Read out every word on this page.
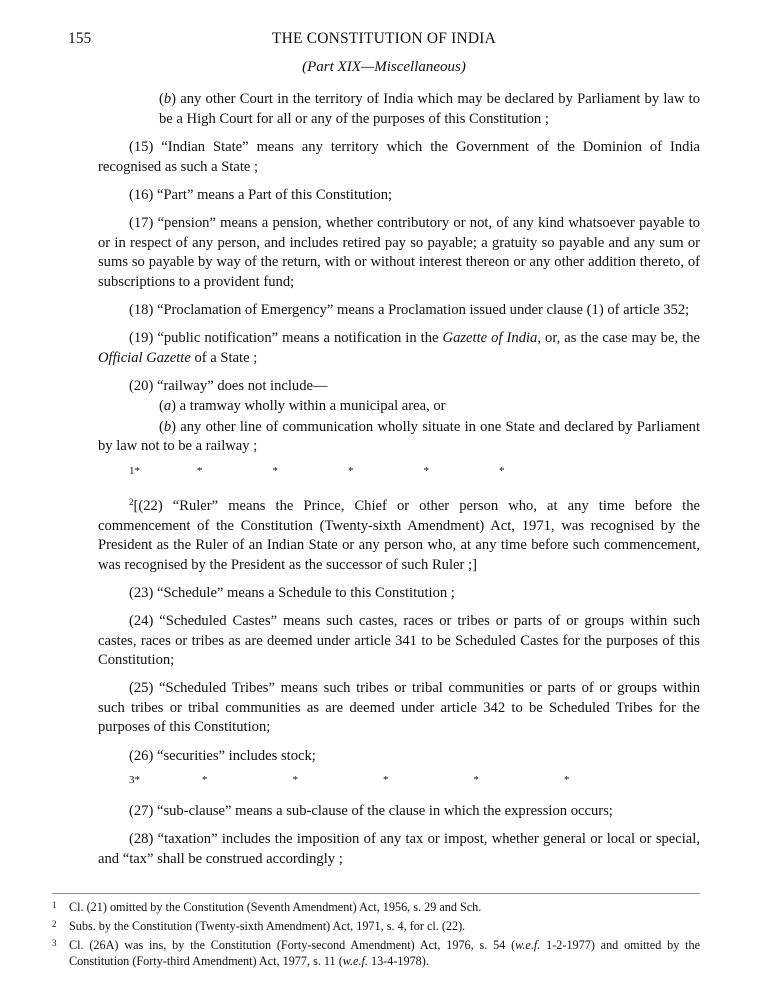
155	THE CONSTITUTION OF INDIA
(Part XIX—Miscellaneous)

(b) any other Court in the territory of India which may be declared by Parliament by law to be a High Court for all or any of the purposes of this Constitution ;

(15) “Indian State” means any territory which the Government of the Dominion of India recognised as such a State ;

(16) “Part” means a Part of this Constitution;

(17) “pension” means a pension, whether contributory or not, of any kind whatsoever payable to or in respect of any person, and includes retired pay so payable; a gratuity so payable and any sum or sums so payable by way of the return, with or without interest thereon or any other addition thereto, of subscriptions to a provident fund;

(18) “Proclamation of Emergency” means a Proclamation issued under clause (1) of article 352;

(19) “public notification” means a notification in the Gazette of India, or, as the case may be, the Official Gazette of a State ;

(20) “railway” does not include—

(a) a tramway wholly within a municipal area, or

(b) any other line of communication wholly situate in one State and declared by Parliament by law not to be a railway ;

1*	*	*	*	*	*

$^2$[(22) “Ruler” means the Prince, Chief or other person who, at any time before the commencement of the Constitution (Twenty-sixth Amendment) Act, 1971, was recognised by the President as the Ruler of an Indian State or any person who, at any time before such commencement, was recognised by the President as the successor of such Ruler ;]

(23) “Schedule” means a Schedule to this Constitution ;

(24) “Scheduled Castes” means such castes, races or tribes or parts of or groups within such castes, races or tribes as are deemed under article 341 to be Scheduled Castes for the purposes of this Constitution;

(25) “Scheduled Tribes” means such tribes or tribal communities or parts of or groups within such tribes or tribal communities as are deemed under article 342 to be Scheduled Tribes for the purposes of this Constitution;

(26) “securities” includes stock;

3*	*	*	*	*	*

(27) “sub-clause” means a sub-clause of the clause in which the expression occurs;

(28) “taxation” includes the imposition of any tax or impost, whether general or local or special, and “tax” shall be construed accordingly ;

1	Cl. (21) omitted by the Constitution (Seventh Amendment) Act, 1956, s. 29 and Sch.
2	Subs. by the Constitution (Twenty-sixth Amendment) Act, 1971, s. 4, for cl. (22).
3	Cl. (26A) was ins, by the Constitution (Forty-second Amendment) Act, 1976, s. 54 (w.e.f. 1-2-1977) and omitted by the Constitution (Forty-third Amendment) Act, 1977, s. 11 (w.e.f. 13-4-1978).
